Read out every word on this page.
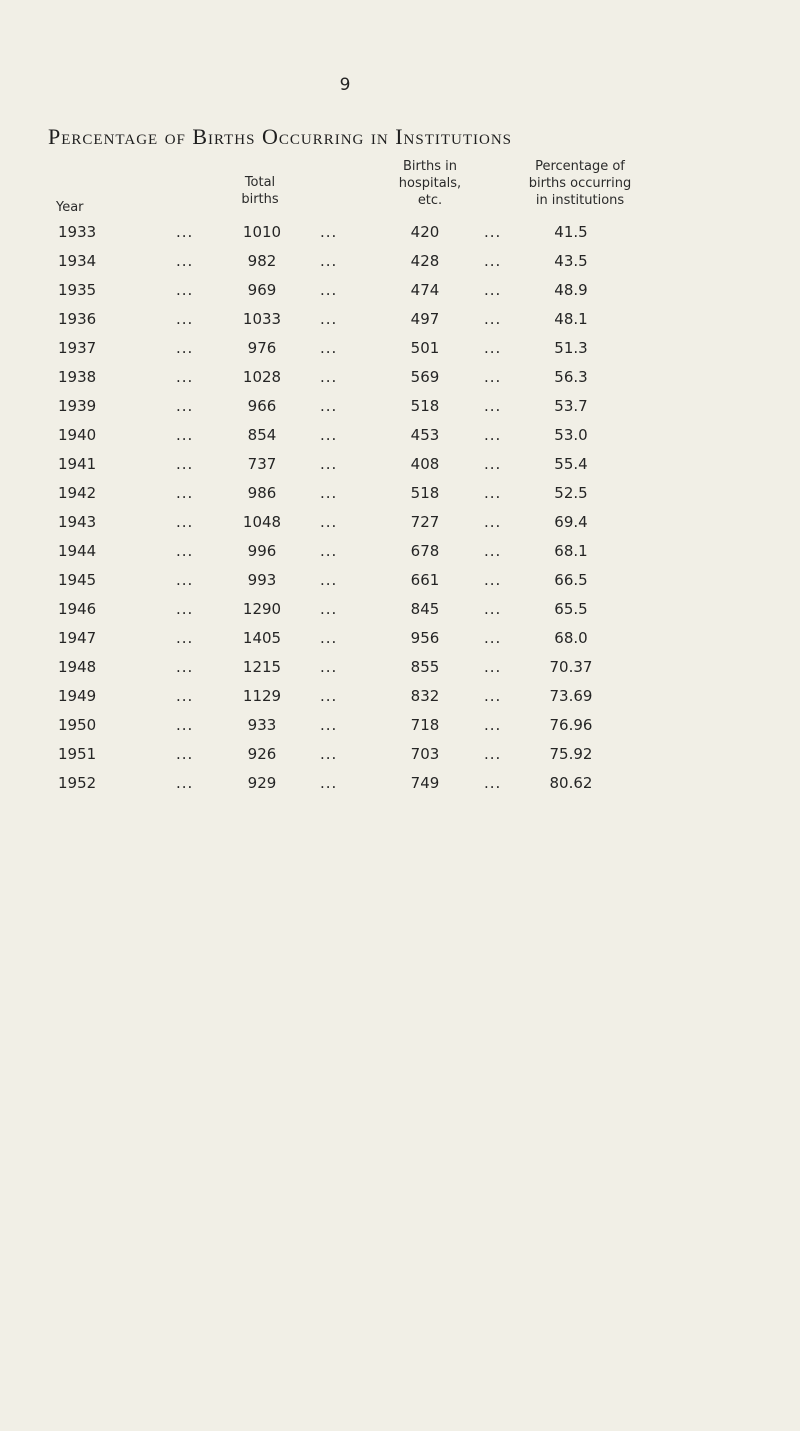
9
Percentage of Births Occurring in Institutions
Year
Total
births
Births in
hospitals,
etc.
Percentage of
births occurring
in institutions
1933	...	1010	...	420	...	41.5
1934	...	982	...	428	...	43.5
1935	...	969	...	474	...	48.9
1936	...	1033	...	497	...	48.1
1937	...	976	...	501	...	51.3
1938	...	1028	...	569	...	56.3
1939	...	966	...	518	...	53.7
1940	...	854	...	453	...	53.0
1941	...	737	...	408	...	55.4
1942	...	986	...	518	...	52.5
1943	...	1048	...	727	...	69.4
1944	...	996	...	678	...	68.1
1945	...	993	...	661	...	66.5
1946	...	1290	...	845	...	65.5
1947	...	1405	...	956	...	68.0
1948	...	1215	...	855	...	70.37
1949	...	1129	...	832	...	73.69
1950	...	933	...	718	...	76.96
1951	...	926	...	703	...	75.92
1952	...	929	...	749	...	80.62
